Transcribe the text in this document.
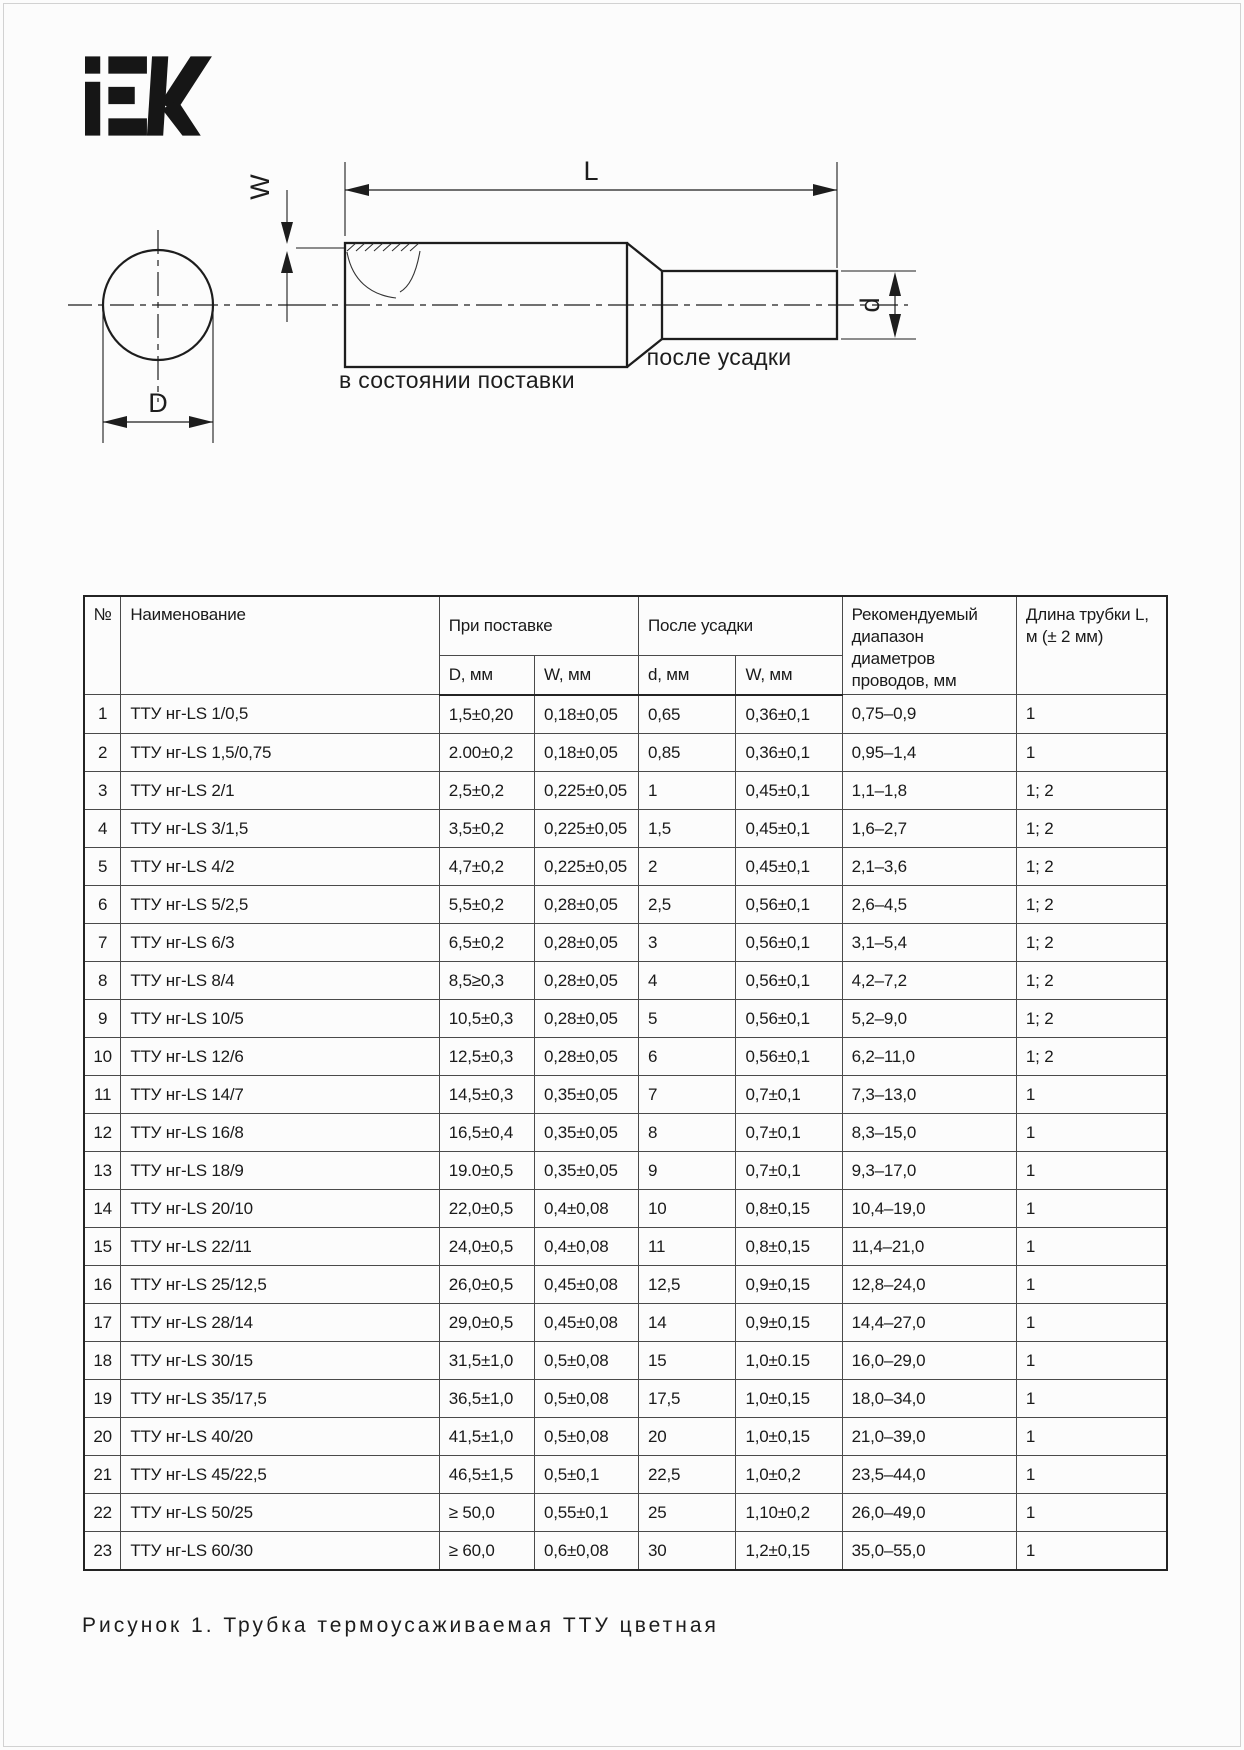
W
L
D
d
в состоянии поставки
после усадки
№	Наименование	При поставке		После усадки		Рекомендуемый диапазон диаметров проводов, мм	Длина трубки L, м (± 2 мм)
		D, мм	W, мм	d, мм	W, мм		
1	ТТУ нг-LS 1/0,5	1,5±0,20	0,18±0,05	0,65	0,36±0,1	0,75–0,9	1
2	ТТУ нг-LS 1,5/0,75	2.00±0,2	0,18±0,05	0,85	0,36±0,1	0,95–1,4	1
3	ТТУ нг-LS 2/1	2,5±0,2	0,225±0,05	1	0,45±0,1	1,1–1,8	1; 2
4	ТТУ нг-LS 3/1,5	3,5±0,2	0,225±0,05	1,5	0,45±0,1	1,6–2,7	1; 2
5	ТТУ нг-LS 4/2	4,7±0,2	0,225±0,05	2	0,45±0,1	2,1–3,6	1; 2
6	ТТУ нг-LS 5/2,5	5,5±0,2	0,28±0,05	2,5	0,56±0,1	2,6–4,5	1; 2
7	ТТУ нг-LS 6/3	6,5±0,2	0,28±0,05	3	0,56±0,1	3,1–5,4	1; 2
8	ТТУ нг-LS 8/4	8,5≥0,3	0,28±0,05	4	0,56±0,1	4,2–7,2	1; 2
9	ТТУ нг-LS 10/5	10,5±0,3	0,28±0,05	5	0,56±0,1	5,2–9,0	1; 2
10	ТТУ нг-LS 12/6	12,5±0,3	0,28±0,05	6	0,56±0,1	6,2–11,0	1; 2
11	ТТУ нг-LS 14/7	14,5±0,3	0,35±0,05	7	0,7±0,1	7,3–13,0	1
12	ТТУ нг-LS 16/8	16,5±0,4	0,35±0,05	8	0,7±0,1	8,3–15,0	1
13	ТТУ нг-LS 18/9	19.0±0,5	0,35±0,05	9	0,7±0,1	9,3–17,0	1
14	ТТУ нг-LS 20/10	22,0±0,5	0,4±0,08	10	0,8±0,15	10,4–19,0	1
15	ТТУ нг-LS 22/11	24,0±0,5	0,4±0,08	11	0,8±0,15	11,4–21,0	1
16	ТТУ нг-LS 25/12,5	26,0±0,5	0,45±0,08	12,5	0,9±0,15	12,8–24,0	1
17	ТТУ нг-LS 28/14	29,0±0,5	0,45±0,08	14	0,9±0,15	14,4–27,0	1
18	ТТУ нг-LS 30/15	31,5±1,0	0,5±0,08	15	1,0±0.15	16,0–29,0	1
19	ТТУ нг-LS 35/17,5	36,5±1,0	0,5±0,08	17,5	1,0±0,15	18,0–34,0	1
20	ТТУ нг-LS 40/20	41,5±1,0	0,5±0,08	20	1,0±0,15	21,0–39,0	1
21	ТТУ нг-LS 45/22,5	46,5±1,5	0,5±0,1	22,5	1,0±0,2	23,5–44,0	1
22	ТТУ нг-LS 50/25	≥ 50,0	0,55±0,1	25	1,10±0,2	26,0–49,0	1
23	ТТУ нг-LS 60/30	≥ 60,0	0,6±0,08	30	1,2±0,15	35,0–55,0	1
Рисунок 1. Трубка термоусаживаемая ТТУ цветная
